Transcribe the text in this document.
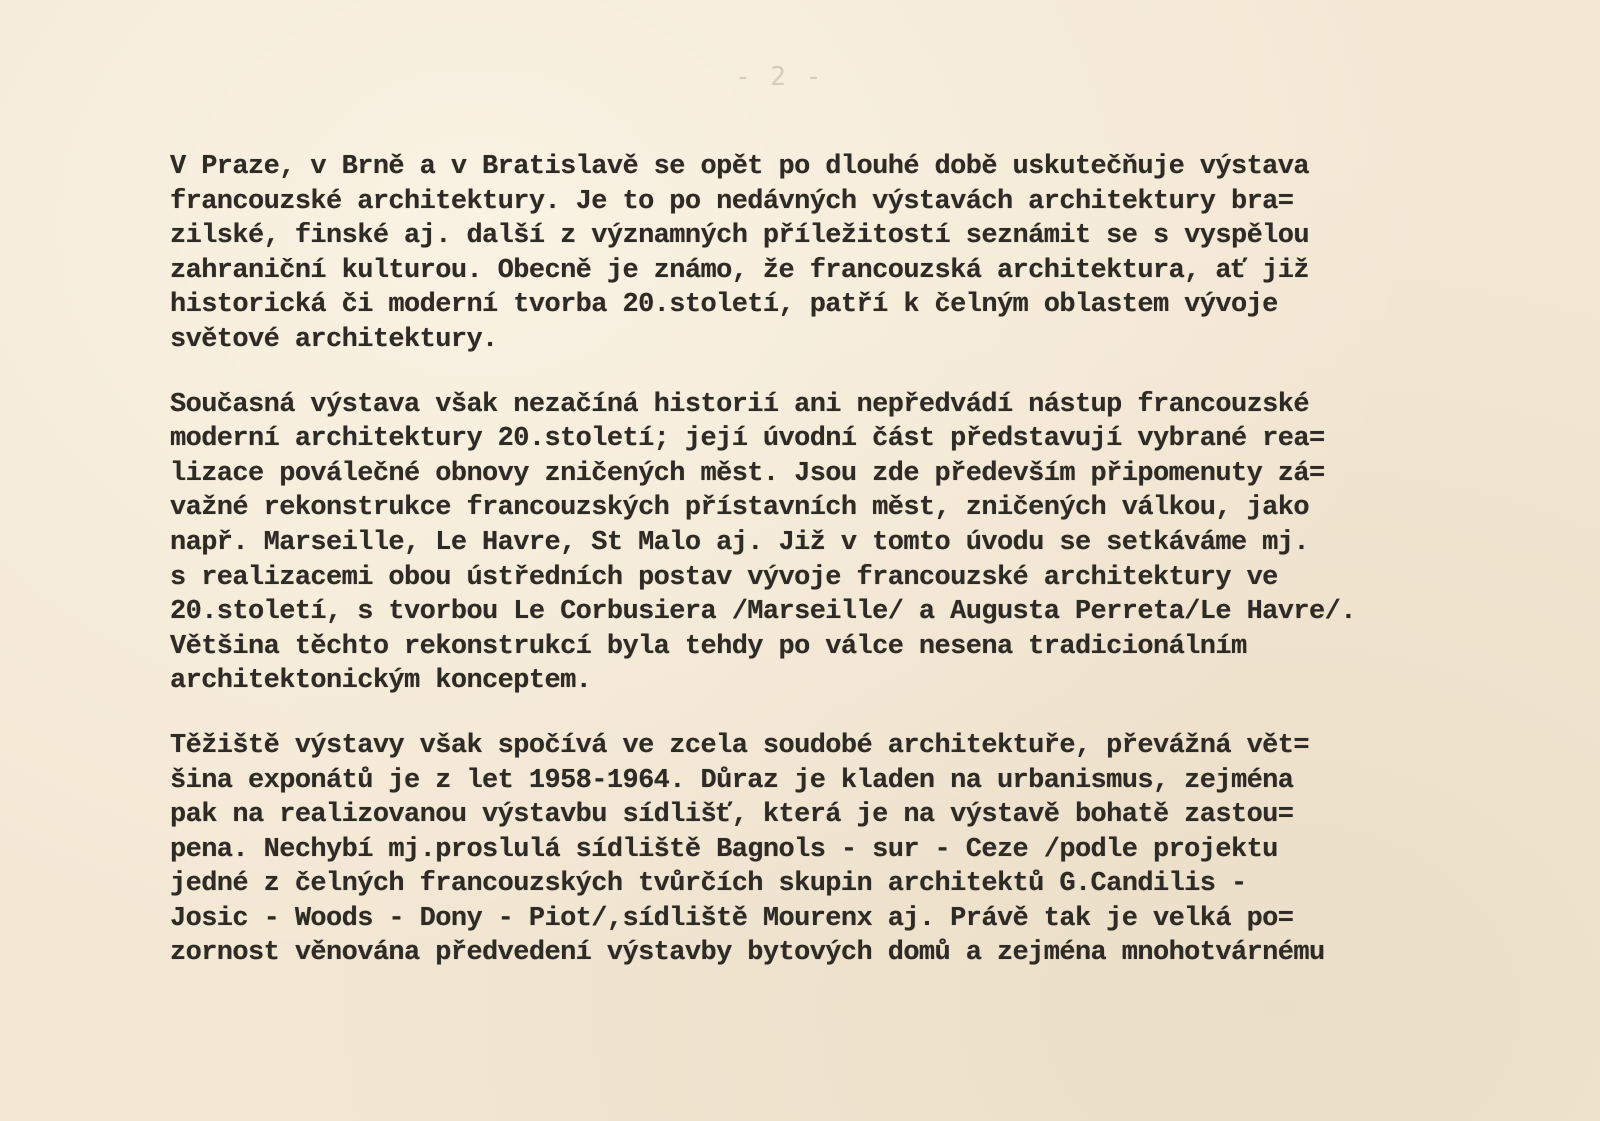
- 2 -
V Praze, v Brně a v Bratislavě se opět po dlouhé době uskutečňuje výstava
francouzské architektury. Je to po nedávných výstavách architektury bra=
zilské, finské aj. další z významných příležitostí seznámit se s vyspělou
zahraniční kulturou. Obecně je známo, že francouzská architektura, ať již
historická či moderní tvorba 20.století, patří k čelným oblastem vývoje
světové architektury.
Současná výstava však nezačíná historií ani nepředvádí nástup francouzské
moderní architektury 20.století; její úvodní část představují vybrané rea=
lizace poválečné obnovy zničených měst. Jsou zde především připomenuty zá=
važné rekonstrukce francouzských přístavních měst, zničených válkou, jako
např. Marseille, Le Havre, St Malo aj. Již v tomto úvodu se setkáváme mj.
s realizacemi obou ústředních postav vývoje francouzské architektury ve
20.století, s tvorbou Le Corbusiera /Marseille/ a Augusta Perreta/Le Havre/.
Většina těchto rekonstrukcí byla tehdy po válce nesena tradicionálním
architektonickým konceptem.
Těžiště výstavy však spočívá ve zcela soudobé architektuře, převážná vět=
šina exponátů je z let 1958-1964. Důraz je kladen na urbanismus, zejména
pak na realizovanou výstavbu sídlišť, která je na výstavě bohatě zastou=
pena. Nechybí mj.proslulá sídliště Bagnols - sur - Ceze /podle projektu
jedné z čelných francouzských tvůrčích skupin architektů G.Candilis -
Josic - Woods - Dony - Piot/,sídliště Mourenx aj. Právě tak je velká po=
zornost věnována předvedení výstavby bytových domů a zejména mnohotvárnému
